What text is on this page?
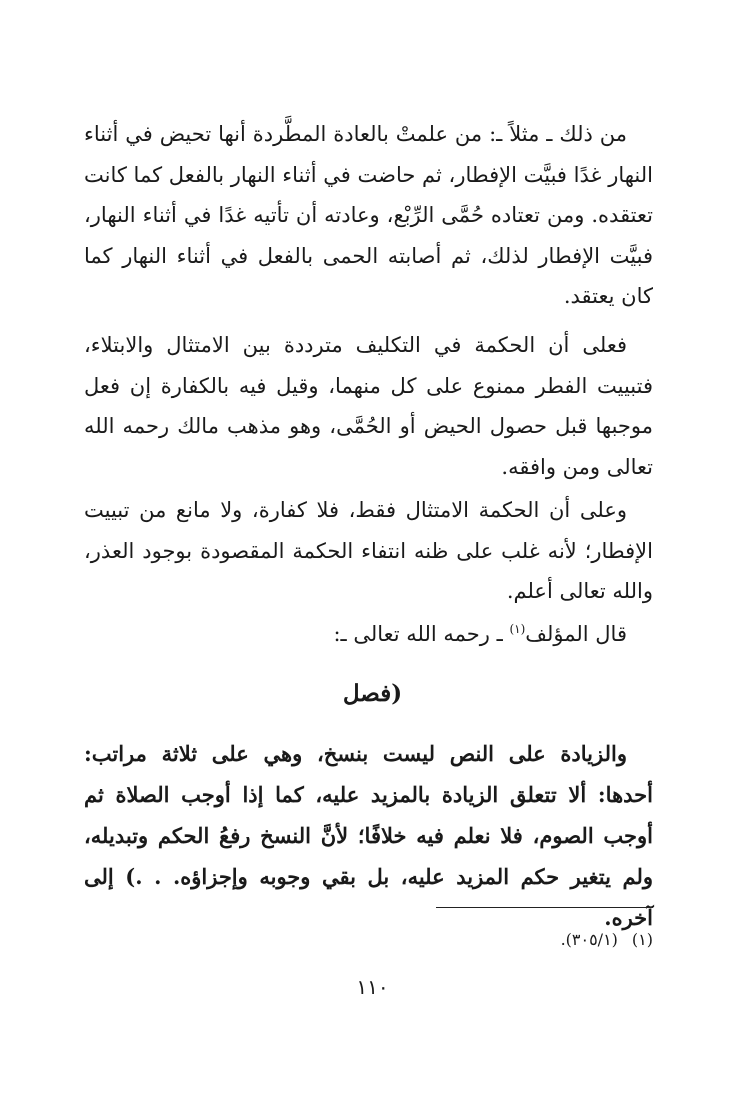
من ذلك ـ مثلاً ـ: من علمتْ بالعادة المطَّردة أنها تحيض في أثناء النهار غدًا فبيَّت الإفطار، ثم حاضت في أثناء النهار بالفعل كما كانت تعتقده. ومن تعتاده حُمَّى الرِّبْع، وعادته أن تأتيه غدًا في أثناء النهار، فبيَّت الإفطار لذلك، ثم أصابته الحمى بالفعل في أثناء النهار كما كان يعتقد.

فعلى أن الحكمة في التكليف مترددة بين الامتثال والابتلاء، فتبييت الفطر ممنوع على كل منهما، وقيل فيه بالكفارة إن فعل موجبها قبل حصول الحيض أو الحُمَّى، وهو مذهب مالك رحمه الله تعالى ومن وافقه.

وعلى أن الحكمة الامتثال فقط، فلا كفارة، ولا مانع من تبييت الإفطار؛ لأنه غلب على ظنه انتفاء الحكمة المقصودة بوجود العذر، والله تعالى أعلم.

قال المؤلف$^{(١)}$ ـ رحمه الله تعالى ـ:

(فصل

والزيادة على النص ليست بنسخ، وهي على ثلاثة مراتب: أحدها: ألا تتعلق الزيادة بالمزيد عليه، كما إذا أوجب الصلاة ثم أوجب الصوم، فلا نعلم فيه خلافًا؛ لأنَّ النسخ رفعُ الحكم وتبديله، ولم يتغير حكم المزيد عليه، بل بقي وجوبه وإجزاؤه. . .) إلى آخره.

(١)(٣٠٥/١).
١١٠
